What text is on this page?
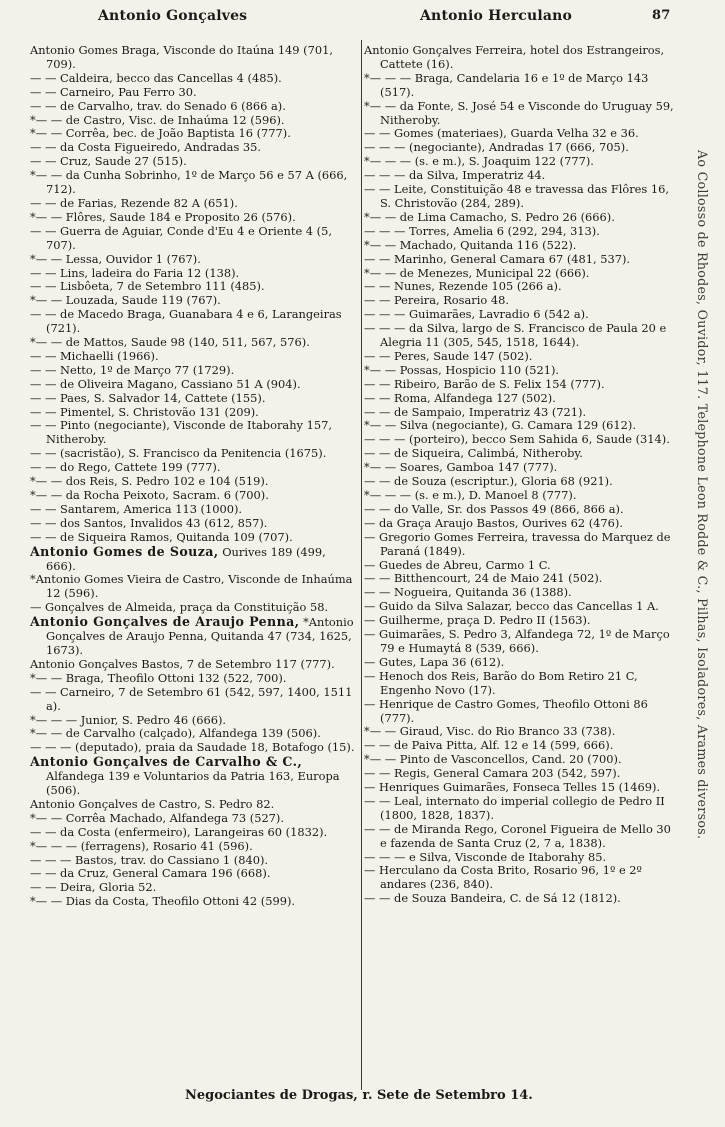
Antonio Gonçalves	Antonio Herculano	87

Antonio Gomes Braga, Visconde do Itaúna 149 (701, 709).

— — Caldeira, becco das Cancellas 4 (485).

— — Carneiro, Pau Ferro 30.

— — de Carvalho, trav. do Senado 6 (866 a).

*— — de Castro, Visc. de Inhaúma 12 (596).

*— — Corrêa, bec. de João Baptista 16 (777).

— — da Costa Figueiredo, Andradas 35.

— — Cruz, Saude 27 (515).

*— — da Cunha Sobrinho, 1º de Março 56 e 57 A (666, 712).

— — de Farias, Rezende 82 A (651).

*— — Flôres, Saude 184 e Proposito 26 (576).

— — Guerra de Aguiar, Conde d'Eu 4 e Oriente 4 (5, 707).

*— — Lessa, Ouvidor 1 (767).

— — Lins, ladeira do Faria 12 (138).

— — Lisbôeta, 7 de Setembro 111 (485).

*— — Louzada, Saude 119 (767).

— — de Macedo Braga, Guanabara 4 e 6, Larangeiras (721).

*— — de Mattos, Saude 98 (140, 511, 567, 576).

— — Michaelli (1966).

— — Netto, 1º de Março 77 (1729).

— — de Oliveira Magano, Cassiano 51 A (904).

— — Paes, S. Salvador 14, Cattete (155).

— — Pimentel, S. Christovão 131 (209).

— — Pinto (negociante), Visconde de Itaborahy 157, Nitheroby.

— — (sacristão), S. Francisco da Penitencia (1675).

— — do Rego, Cattete 199 (777).

*— — dos Reis, S. Pedro 102 e 104 (519).

*— — da Rocha Peixoto, Sacram. 6 (700).

— — Santarem, America 113 (1000).

— — dos Santos, Invalidos 43 (612, 857).

— — de Siqueira Ramos, Quitanda 109 (707).

Antonio Gomes de Souza, Ourives 189 (499, 666).

*Antonio Gomes Vieira de Castro, Visconde de Inhaúma 12 (596).

— Gonçalves de Almeida, praça da Constituição 58.

Antonio Gonçalves de Araujo Penna, *Antonio Gonçalves de Araujo Penna, Quitanda 47 (734, 1625, 1673).

Antonio Gonçalves Bastos, 7 de Setembro 117 (777).

*— — Braga, Theofilo Ottoni 132 (522, 700).

— — Carneiro, 7 de Setembro 61 (542, 597, 1400, 1511 a).

*— — — Junior, S. Pedro 46 (666).

*— — de Carvalho (calçado), Alfandega 139 (506).

— — — (deputado), praia da Saudade 18, Botafogo (15).

Antonio Gonçalves de Carvalho & C., Alfandega 139 e Voluntarios da Patria 163, Europa (506).

Antonio Gonçalves de Castro, S. Pedro 82.

*— — Corrêa Machado, Alfandega 73 (527).

— — da Costa (enfermeiro), Larangeiras 60 (1832).

*— — — (ferragens), Rosario 41 (596).

— — — Bastos, trav. do Cassiano 1 (840).

— — da Cruz, General Camara 196 (668).

— — Deira, Gloria 52.

*— — Dias da Costa, Theofilo Ottoni 42 (599).

Antonio Gonçalves Ferreira, hotel dos Estrangeiros, Cattete (16).

*— — — Braga, Candelaria 16 e 1º de Março 143 (517).

*— — da Fonte, S. José 54 e Visconde do Uruguay 59, Nitheroby.

— — Gomes (materiaes), Guarda Velha 32 e 36.

— — — (negociante), Andradas 17 (666, 705).

*— — — (s. e m.), S. Joaquim 122 (777).

— — — da Silva, Imperatriz 44.

— — Leite, Constituição 48 e travessa das Flôres 16, S. Christovão (284, 289).

*— — de Lima Camacho, S. Pedro 26 (666).

— — — Torres, Amelia 6 (292, 294, 313).

*— — Machado, Quitanda 116 (522).

— — Marinho, General Camara 67 (481, 537).

*— — de Menezes, Municipal 22 (666).

— — Nunes, Rezende 105 (266 a).

— — Pereira, Rosario 48.

— — — Guimarães, Lavradio 6 (542 a).

— — — da Silva, largo de S. Francisco de Paula 20 e Alegria 11 (305, 545, 1518, 1644).

— — Peres, Saude 147 (502).

*— — Possas, Hospicio 110 (521).

— — Ribeiro, Barão de S. Felix 154 (777).

— — Roma, Alfandega 127 (502).

— — de Sampaio, Imperatriz 43 (721).

*— — Silva (negociante), G. Camara 129 (612).

— — — (porteiro), becco Sem Sahida 6, Saude (314).

— — de Siqueira, Calimbá, Nitheroby.

*— — Soares, Gamboa 147 (777).

— — de Souza (escriptur.), Gloria 68 (921).

*— — — (s. e m.), D. Manoel 8 (777).

— — do Valle, Sr. dos Passos 49 (866, 866 a).

— da Graça Araujo Bastos, Ourives 62 (476).

— Gregorio Gomes Ferreira, travessa do Marquez de Paraná (1849).

— Guedes de Abreu, Carmo 1 C.

— — Bitthencourt, 24 de Maio 241 (502).

— — Nogueira, Quitanda 36 (1388).

— Guido da Silva Salazar, becco das Cancellas 1 A.

— Guilherme, praça D. Pedro II (1563).

— Guimarães, S. Pedro 3, Alfandega 72, 1º de Março 79 e Humaytá 8 (539, 666).

— Gutes, Lapa 36 (612).

— Henoch dos Reis, Barão do Bom Retiro 21 C, Engenho Novo (17).

— Henrique de Castro Gomes, Theofilo Ottoni 86 (777).

*— — Giraud, Visc. do Rio Branco 33 (738).

— — de Paiva Pitta, Alf. 12 e 14 (599, 666).

*— — Pinto de Vasconcellos, Cand. 20 (700).

— — Regis, General Camara 203 (542, 597).

— Henriques Guimarães, Fonseca Telles 15 (1469).

— — Leal, internato do imperial collegio de Pedro II (1800, 1828, 1837).

— — de Miranda Rego, Coronel Figueira de Mello 30 e fazenda de Santa Cruz (2, 7 a, 1838).

— — — e Silva, Visconde de Itaborahy 85.

— Herculano da Costa Brito, Rosario 96, 1º e 2º andares (236, 840).

— — de Souza Bandeira, C. de Sá 12 (1812).

Ao Collosso de Rhodes, Ouvidor, 117. Telephone Leon Rodde & C., Pilhas, Isoladores, Arames diversos.
Negociantes de Drogas, r. Sete de Setembro 14.
